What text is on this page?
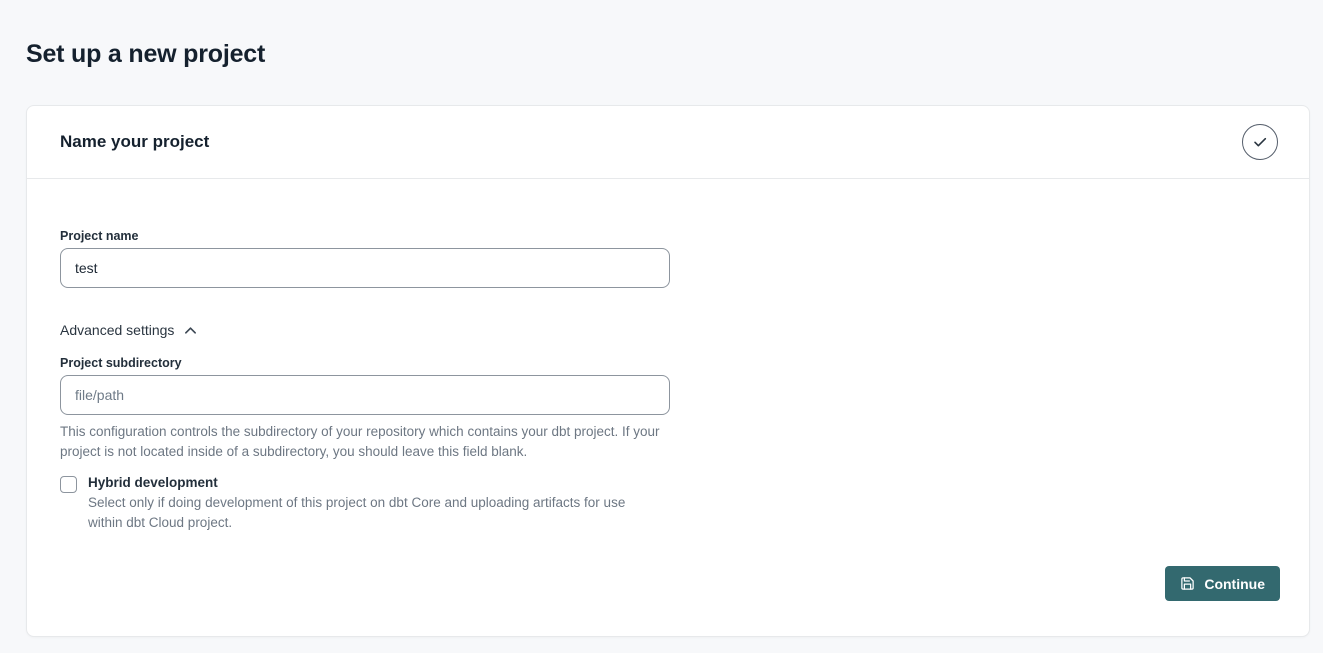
Set up a new project
Name your project
Project name
test
Advanced settings
Project subdirectory
file/path
This configuration controls the subdirectory of your repository which contains your dbt project. If your project is not located inside of a subdirectory, you should leave this field blank.
Hybrid development
Select only if doing development of this project on dbt Core and uploading artifacts for use within dbt Cloud project.
Continue
